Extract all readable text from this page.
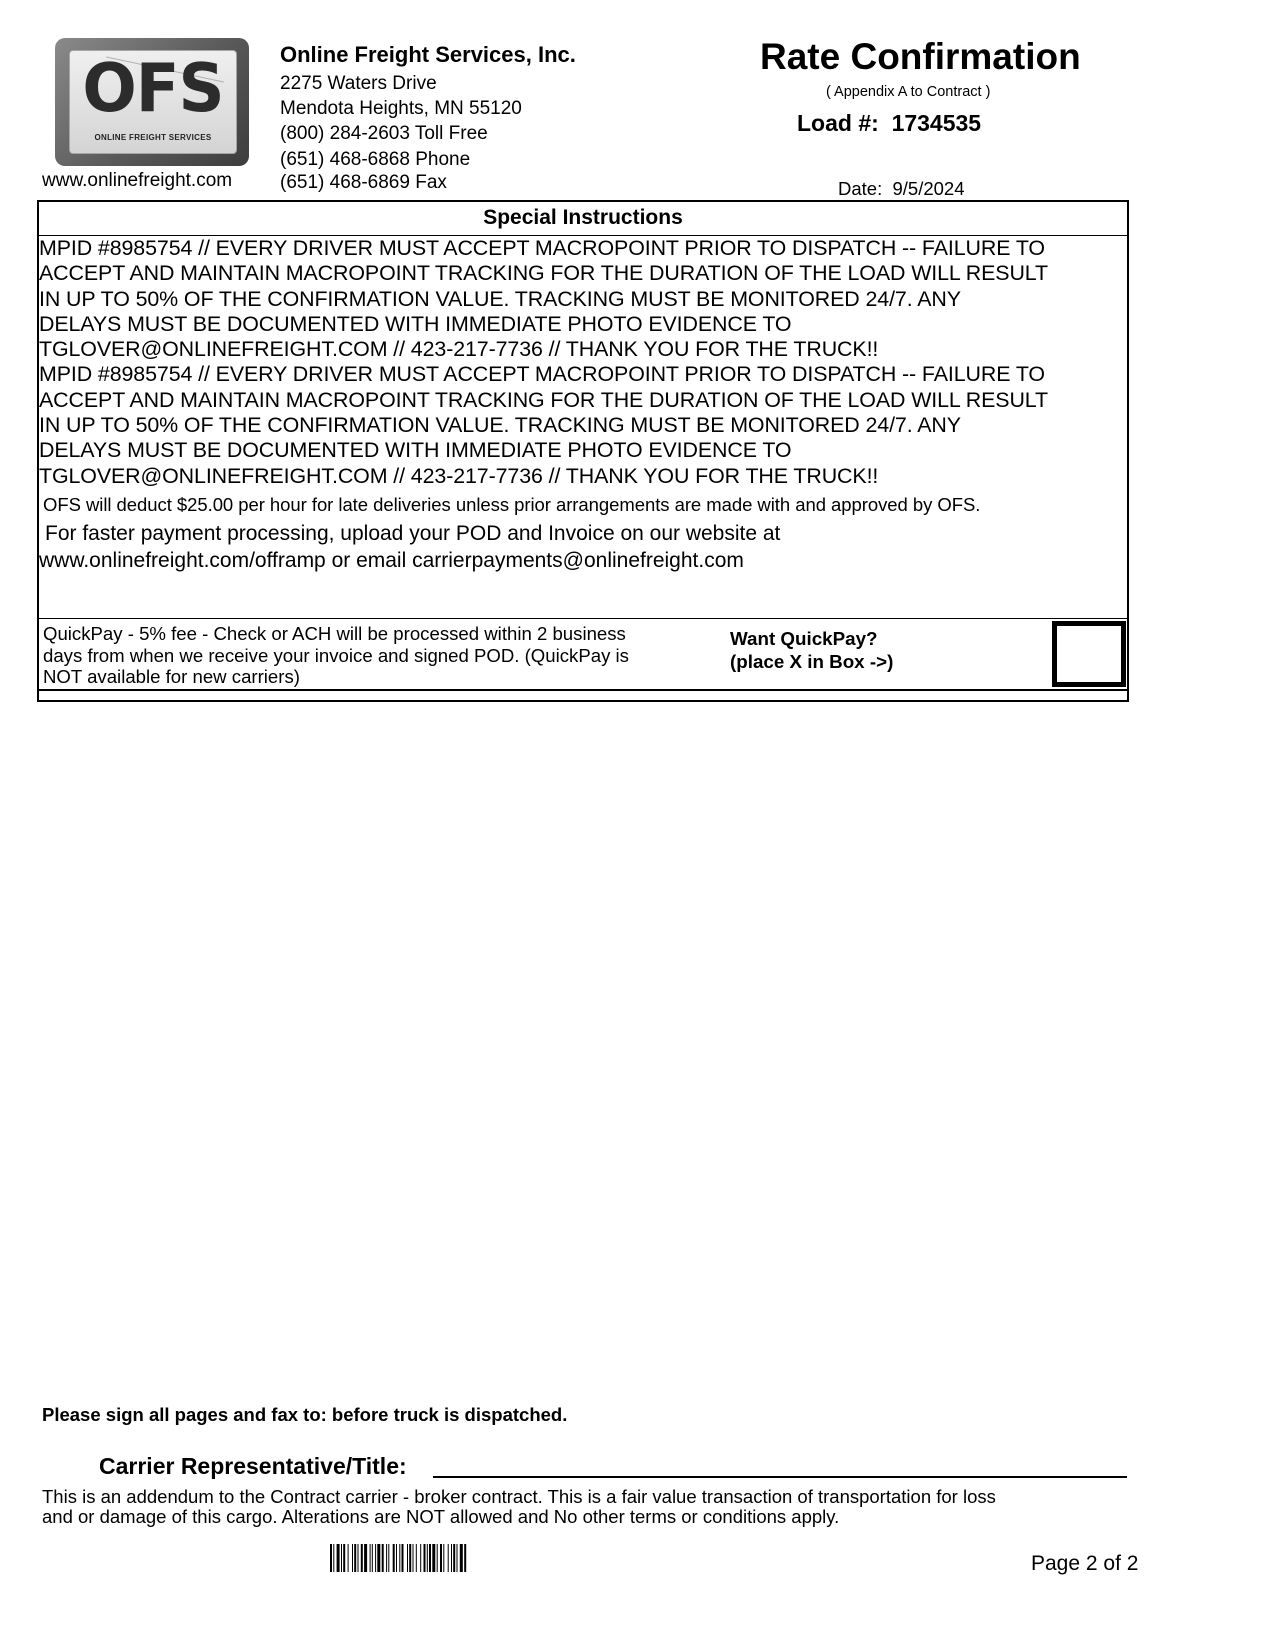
OFS
ONLINE FREIGHT SERVICES
www.onlinefreight.com
Online Freight Services, Inc.
2275 Waters Drive
Mendota Heights, MN 55120
(800) 284-2603 Toll Free
(651) 468-6868 Phone
(651) 468-6869 Fax
Rate Confirmation
( Appendix A to Contract )
Load #: 1734535
Date: 9/5/2024
Special Instructions

MPID #8985754 // EVERY DRIVER MUST ACCEPT MACROPOINT PRIOR TO DISPATCH -- FAILURE TO

ACCEPT AND MAINTAIN MACROPOINT TRACKING FOR THE DURATION OF THE LOAD WILL RESULT

IN UP TO 50% OF THE CONFIRMATION VALUE. TRACKING MUST BE MONITORED 24/7. ANY

DELAYS MUST BE DOCUMENTED WITH IMMEDIATE PHOTO EVIDENCE TO

TGLOVER@ONLINEFREIGHT.COM // 423-217-7736 // THANK YOU FOR THE TRUCK!!

MPID #8985754 // EVERY DRIVER MUST ACCEPT MACROPOINT PRIOR TO DISPATCH -- FAILURE TO

ACCEPT AND MAINTAIN MACROPOINT TRACKING FOR THE DURATION OF THE LOAD WILL RESULT

IN UP TO 50% OF THE CONFIRMATION VALUE. TRACKING MUST BE MONITORED 24/7. ANY

DELAYS MUST BE DOCUMENTED WITH IMMEDIATE PHOTO EVIDENCE TO

TGLOVER@ONLINEFREIGHT.COM // 423-217-7736 // THANK YOU FOR THE TRUCK!!

OFS will deduct $25.00 per hour for late deliveries unless prior arrangements are made with and approved by OFS.
For faster payment processing, upload your POD and Invoice on our website at
www.onlinefreight.com/offramp or email carrierpayments@onlinefreight.com
QuickPay - 5% fee - Check or ACH will be processed within 2 business
days from when we receive your invoice and signed POD. (QuickPay is
NOT available for new carriers)
Want QuickPay?
(place X in Box ->)
Please sign all pages and fax to: before truck is dispatched.
Carrier Representative/Title:
This is an addendum to the Contract carrier - broker contract. This is a fair value transaction of transportation for loss
and or damage of this cargo. Alterations are NOT allowed and No other terms or conditions apply.
Page 2 of 2
